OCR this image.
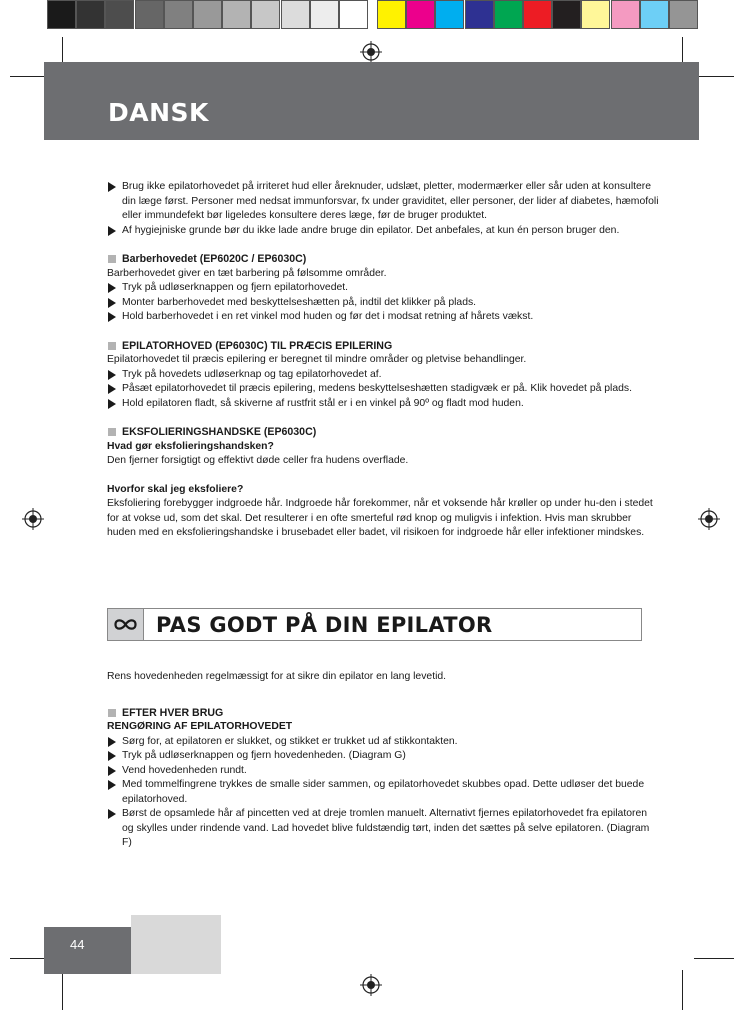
DANSK
Brug ikke epilatorhovedet på irriteret hud eller åreknuder, udslæt, pletter, modermærker eller sår uden at konsultere din læge først. Personer med nedsat immunforsvar, fx under graviditet, eller personer, der lider af diabetes, hæmofoli eller immundefekt bør ligeledes konsultere deres læge, før de bruger produktet.
Af hygiejniske grunde bør du ikke lade andre bruge din epilator. Det anbefales, at kun én person bruger den.
Barberhovedet (EP6020C / EP6030C)
Barberhovedet giver en tæt barbering på følsomme områder.
Tryk på udløserknappen og fjern epilatorhovedet.
Monter barberhovedet med beskyttelseshætten på, indtil det klikker på plads.
Hold barberhovedet i en ret vinkel mod huden og før det i modsat retning af hårets vækst.
EPILATORHOVED (EP6030C) TIL PRÆCIS EPILERING
Epilatorhovedet til præcis epilering er beregnet til mindre områder og pletvise behandlinger.
Tryk på hovedets udløserknap og tag epilatorhovedet af.
Påsæt epilatorhovedet til præcis epilering, medens beskyttelseshætten stadigvæk er på. Klik hovedet på plads.
Hold epilatoren fladt, så skiverne af rustfrit stål er i en vinkel på 90º og fladt mod huden.
EKSFOLIERINGSHANDSKE (EP6030C)
Hvad gør eksfolieringshandsken?
Den fjerner forsigtigt og effektivt døde celler fra hudens overflade.
Hvorfor skal jeg eksfoliere?
Eksfoliering forebygger indgroede hår. Indgroede hår forekommer, når et voksende hår krøller op under hu-den i stedet for at vokse ud, som det skal. Det resulterer i en ofte smerteful rød knop og muligvis i infektion. Hvis man skrubber huden med en eksfolieringshandske i brusebadet eller badet, vil risikoen for indgroede hår eller infektioner mindskes.
PAS GODT PÅ DIN EPILATOR
Rens hovedenheden regelmæssigt for at sikre din epilator en lang levetid.
EFTER HVER BRUG
RENGØRING AF EPILATORHOVEDET
Sørg for, at epilatoren er slukket, og stikket er trukket ud af stikkontakten.
Tryk på udløserknappen og fjern hovedenheden. (Diagram G)
Vend hovedenheden rundt.
Med tommelfingrene trykkes de smalle sider sammen, og epilatorhovedet skubbes opad. Dette udløser det buede epilatorhoved.
Børst de opsamlede hår af pincetten ved at dreje tromlen manuelt. Alternativt fjernes epilatorhovedet fra epilatoren og skylles under rindende vand. Lad hovedet blive fuldstændig tørt, inden det sættes på selve epilatoren. (Diagram F)
44
